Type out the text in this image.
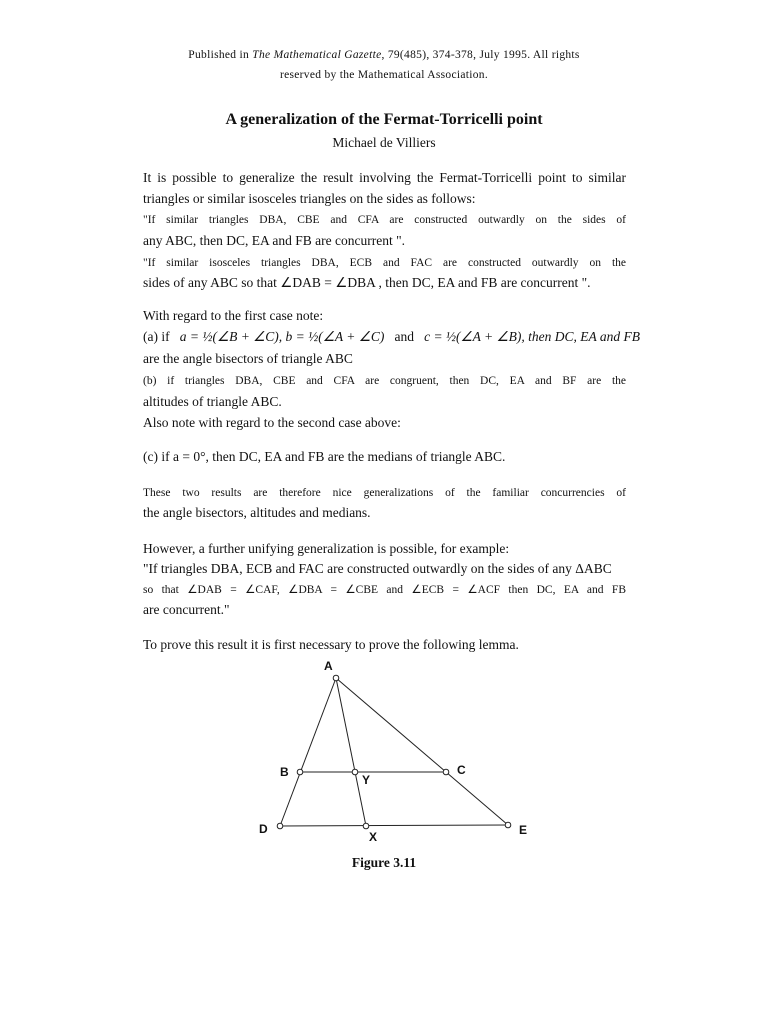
Published in The Mathematical Gazette, 79(485), 374-378, July 1995. All rights
reserved by the Mathematical Association.
A generalization of the Fermat-Torricelli point
Michael de Villiers
It is possible to generalize the result involving the Fermat-Torricelli point to similar
triangles or similar isosceles triangles on the sides as follows:
"If similar triangles DBA, CBE and CFA are constructed outwardly on the sides of
any ABC, then DC, EA and FB are concurrent ".
"If similar isosceles triangles DBA, ECB and FAC are constructed outwardly on the
sides of any ABC so that ∠DAB = ∠DBA , then DC, EA and FB are concurrent ".
With regard to the first case note:
(a) if a = ½(∠B + ∠C), b = ½(∠A + ∠C) and c = ½(∠A + ∠B), then DC, EA and FB
are the angle bisectors of triangle ABC
(b) if triangles DBA, CBE and CFA are congruent, then DC, EA and BF are the
altitudes of triangle ABC.
Also note with regard to the second case above:
(c) if a = 0°, then DC, EA and FB are the medians of triangle ABC.
These two results are therefore nice generalizations of the familiar concurrencies of
the angle bisectors, altitudes and medians.
However, a further unifying generalization is possible, for example:
"If triangles DBA, ECB and FAC are constructed outwardly on the sides of any ΔABC
so that ∠DAB = ∠CAF, ∠DBA = ∠CBE and ∠ECB = ∠ACF then DC, EA and FB
are concurrent."
To prove this result it is first necessary to prove the following lemma.
A
B	C
Y
D
X	E
Figure 3.11
